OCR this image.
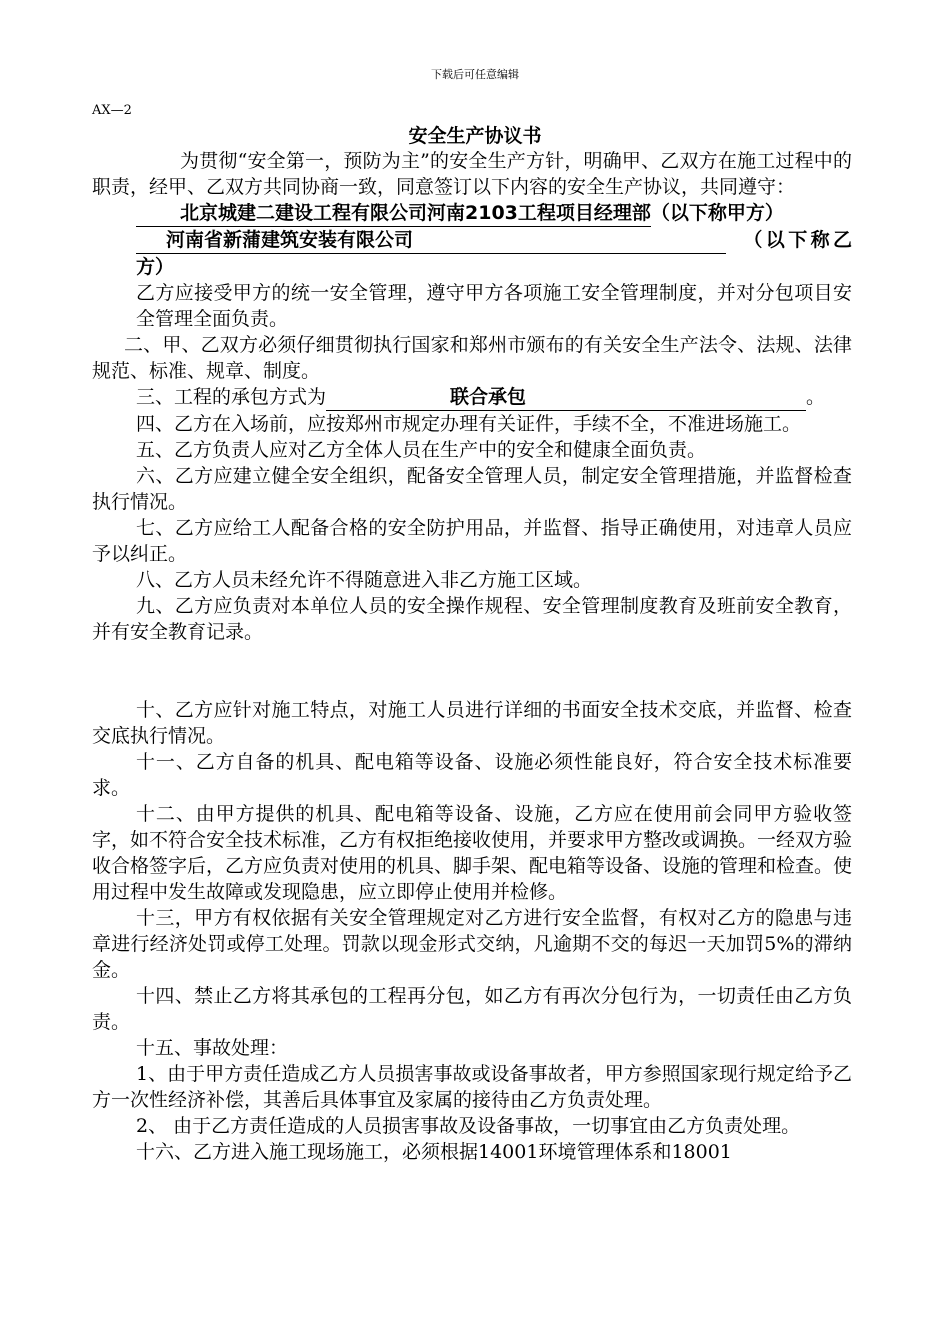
下载后可任意编辑
AX—2
安全生产协议书

为贯彻“安全第一，预防为主”的安全生产方针，明确甲、乙双方在施工过程中的职责，经甲、乙双方共同协商一致，同意签订以下内容的安全生产协议，共同遵守：

北京城建二建设工程有限公司河南2103工程项目经理部（以下称甲方）

河南省新蒲建筑安装有限公司	（以下称乙方）

乙方应接受甲方的统一安全管理，遵守甲方各项施工安全管理制度，并对分包项目安全管理全面负责。

二、甲、乙双方必须仔细贯彻执行国家和郑州市颁布的有关安全生产法令、法规、法律规范、标准、规章、制度。

三、工程的承包方式为	联合承包	。

四、乙方在入场前，应按郑州市规定办理有关证件，手续不全，不准进场施工。

五、乙方负责人应对乙方全体人员在生产中的安全和健康全面负责。

六、乙方应建立健全安全组织，配备安全管理人员，制定安全管理措施，并监督检查执行情况。

七、乙方应给工人配备合格的安全防护用品，并监督、指导正确使用，对违章人员应予以纠正。

八、乙方人员未经允许不得随意进入非乙方施工区域。

九、乙方应负责对本单位人员的安全操作规程、安全管理制度教育及班前安全教育，并有安全教育记录。

十、乙方应针对施工特点，对施工人员进行详细的书面安全技术交底，并监督、检查交底执行情况。

十一、乙方自备的机具、配电箱等设备、设施必须性能良好，符合安全技术标准要求。

十二、由甲方提供的机具、配电箱等设备、设施，乙方应在使用前会同甲方验收签字，如不符合安全技术标准，乙方有权拒绝接收使用，并要求甲方整改或调换。一经双方验收合格签字后，乙方应负责对使用的机具、脚手架、配电箱等设备、设施的管理和检查。使用过程中发生故障或发现隐患，应立即停止使用并检修。

十三，甲方有权依据有关安全管理规定对乙方进行安全监督，有权对乙方的隐患与违章进行经济处罚或停工处理。罚款以现金形式交纳，凡逾期不交的每迟一天加罚5%的滞纳金。

十四、禁止乙方将其承包的工程再分包，如乙方有再次分包行为，一切责任由乙方负责。

十五、事故处理：

1、由于甲方责任造成乙方人员损害事故或设备事故者，甲方参照国家现行规定给予乙方一次性经济补偿，其善后具体事宜及家属的接待由乙方负责处理。

2、 由于乙方责任造成的人员损害事故及设备事故，一切事宜由乙方负责处理。

十六、乙方进入施工现场施工，必须根据14001环境管理体系和18001
